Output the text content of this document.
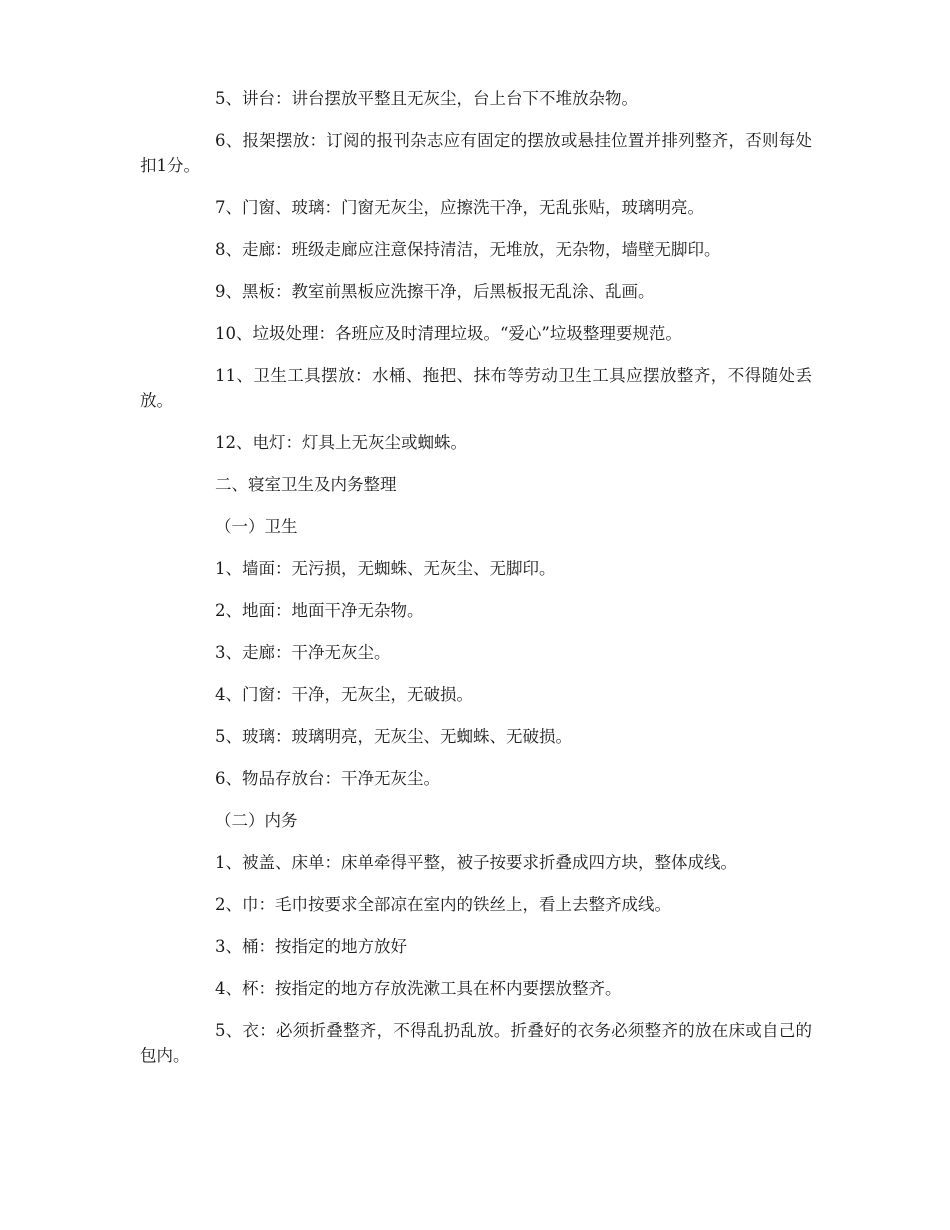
5、讲台：讲台摆放平整且无灰尘，台上台下不堆放杂物。

6、报架摆放：订阅的报刊杂志应有固定的摆放或悬挂位置并排列整齐，否则每处扣1分。

7、门窗、玻璃：门窗无灰尘，应擦洗干净，无乱张贴，玻璃明亮。

8、走廊：班级走廊应注意保持清洁，无堆放，无杂物，墙壁无脚印。

9、黑板：教室前黑板应洗擦干净，后黑板报无乱涂、乱画。

10、垃圾处理：各班应及时清理垃圾。“爱心”垃圾整理要规范。

11、卫生工具摆放：水桶、拖把、抹布等劳动卫生工具应摆放整齐，不得随处丢放。

12、电灯：灯具上无灰尘或蜘蛛。

二、寝室卫生及内务整理

（一）卫生

1、墙面：无污损，无蜘蛛、无灰尘、无脚印。

2、地面：地面干净无杂物。

3、走廊：干净无灰尘。

4、门窗：干净，无灰尘，无破损。

5、玻璃：玻璃明亮，无灰尘、无蜘蛛、无破损。

6、物品存放台：干净无灰尘。

（二）内务

1、被盖、床单：床单牵得平整，被子按要求折叠成四方块，整体成线。

2、巾：毛巾按要求全部凉在室内的铁丝上，看上去整齐成线。

3、桶：按指定的地方放好

4、杯：按指定的地方存放洗漱工具在杯内要摆放整齐。

5、衣：必须折叠整齐，不得乱扔乱放。折叠好的衣务必须整齐的放在床或自己的包内。
